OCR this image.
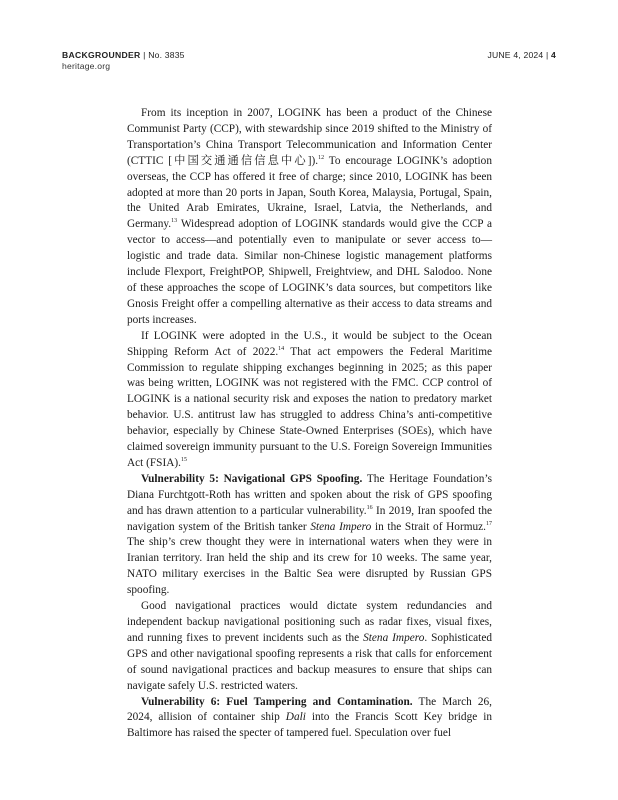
BACKGROUNDER | No. 3835
heritage.org
JUNE 4, 2024 | 4

From its inception in 2007, LOGINK has been a product of the Chinese Communist Party (CCP), with stewardship since 2019 shifted to the Ministry of Transportation’s China Transport Telecommunication and Information Center (CTTIC [中国交通通信信息中心]).$^{12}$ To encourage LOGINK’s adoption overseas, the CCP has offered it free of charge; since 2010, LOGINK has been adopted at more than 20 ports in Japan, South Korea, Malaysia, Portugal, Spain, the United Arab Emirates, Ukraine, Israel, Latvia, the Netherlands, and Germany.$^{13}$ Widespread adoption of LOGINK standards would give the CCP a vector to access—and potentially even to manipulate or sever access to—logistic and trade data. Similar non-Chinese logistic management platforms include Flexport, FreightPOP, Shipwell, Freightview, and DHL Salodoo. None of these approaches the scope of LOGINK’s data sources, but competitors like Gnosis Freight offer a compelling alternative as their access to data streams and ports increases.

If LOGINK were adopted in the U.S., it would be subject to the Ocean Shipping Reform Act of 2022.14 That act empowers the Federal Maritime Commission to regulate shipping exchanges beginning in 2025; as this paper was being written, LOGINK was not registered with the FMC. CCP control of LOGINK is a national security risk and exposes the nation to predatory market behavior. U.S. antitrust law has struggled to address China’s anti-competitive behavior, especially by Chinese State-Owned Enterprises (SOEs), which have claimed sovereign immunity pursuant to the U.S. Foreign Sovereign Immunities Act (FSIA).$^{15}$

Vulnerability 5: Navigational GPS Spoofing. The Heritage Foundation’s Diana Furchtgott-Roth has written and spoken about the risk of GPS spoofing and has drawn attention to a particular vulnerability.$^{16}$ In 2019, Iran spoofed the navigation system of the British tanker Stena Impero in the Strait of Hormuz.$^{17}$ The ship’s crew thought they were in international waters when they were in Iranian territory. Iran held the ship and its crew for 10 weeks. The same year, NATO military exercises in the Baltic Sea were disrupted by Russian GPS spoofing.

Good navigational practices would dictate system redundancies and independent backup navigational positioning such as radar fixes, visual fixes, and running fixes to prevent incidents such as the Stena Impero. Sophisticated GPS and other navigational spoofing represents a risk that calls for enforcement of sound navigational practices and backup measures to ensure that ships can navigate safely U.S. restricted waters.

Vulnerability 6: Fuel Tampering and Contamination. The March 26, 2024, allision of container ship Dali into the Francis Scott Key bridge in Baltimore has raised the specter of tampered fuel. Speculation over fuel
